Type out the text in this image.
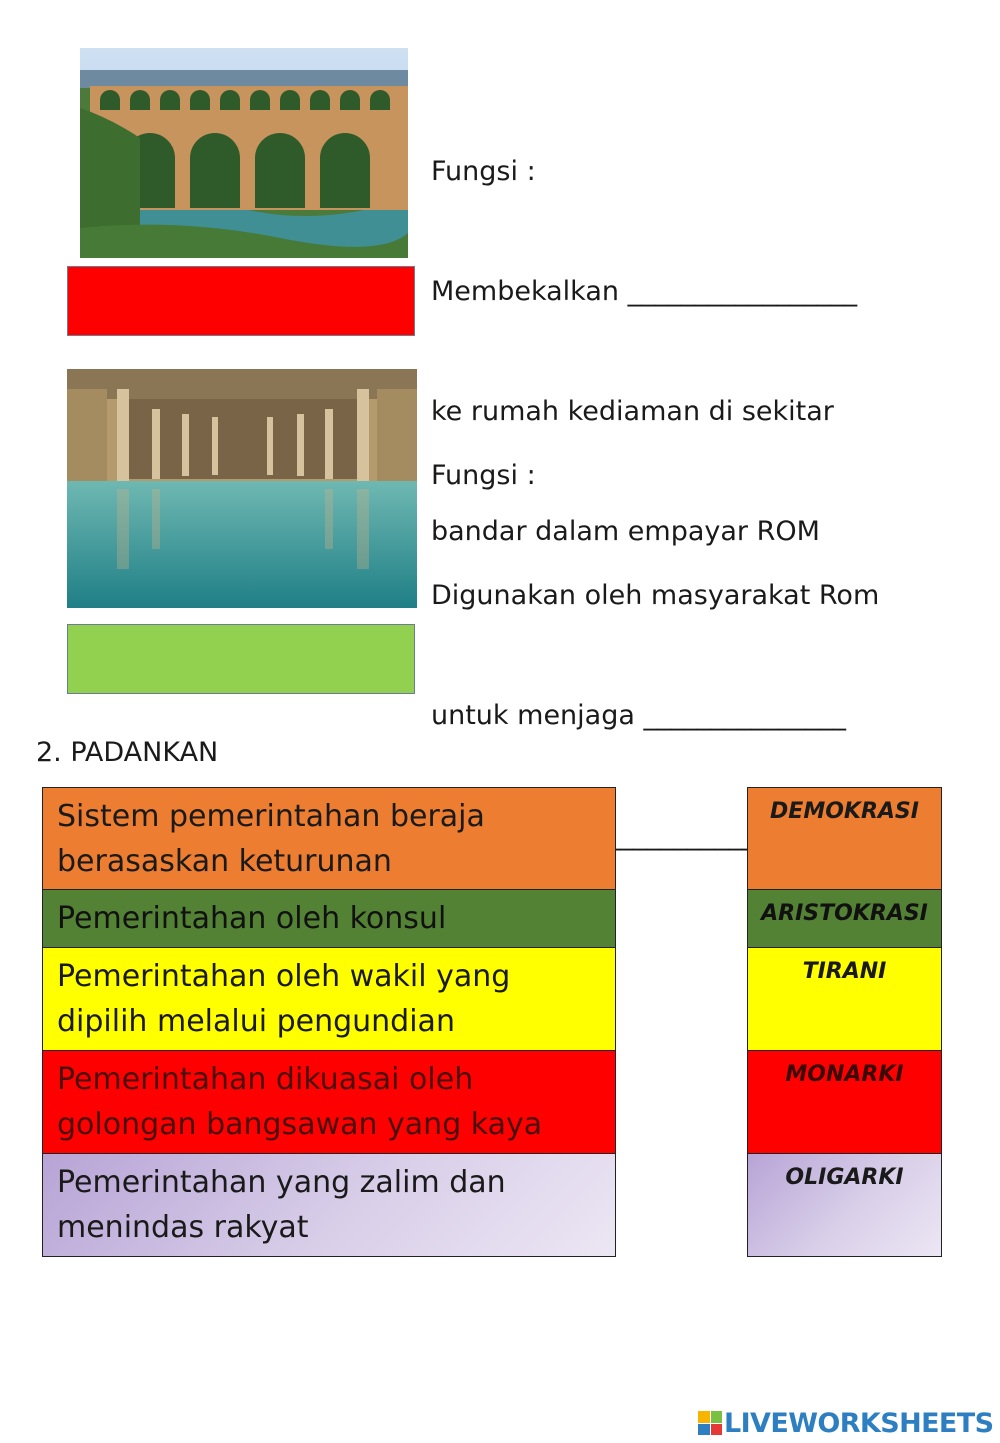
Fungsi :

Membekalkan _________________

ke rumah kediaman di sekitar

bandar dalam empayar ROM

Fungsi :

Digunakan oleh masyarakat Rom

untuk menjaga _______________

_____________________

2. PADANKAN
Sistem pemerintahan beraja
berasaskan keturunan
Pemerintahan oleh konsul
Pemerintahan oleh wakil yang
dipilih melalui pengundian
Pemerintahan dikuasai oleh
golongan bangsawan yang kaya
Pemerintahan yang zalim dan
menindas rakyat
DEMOKRASI
ARISTOKRASI
TIRANI
MONARKI
OLIGARKI
LIVEWORKSHEETS
